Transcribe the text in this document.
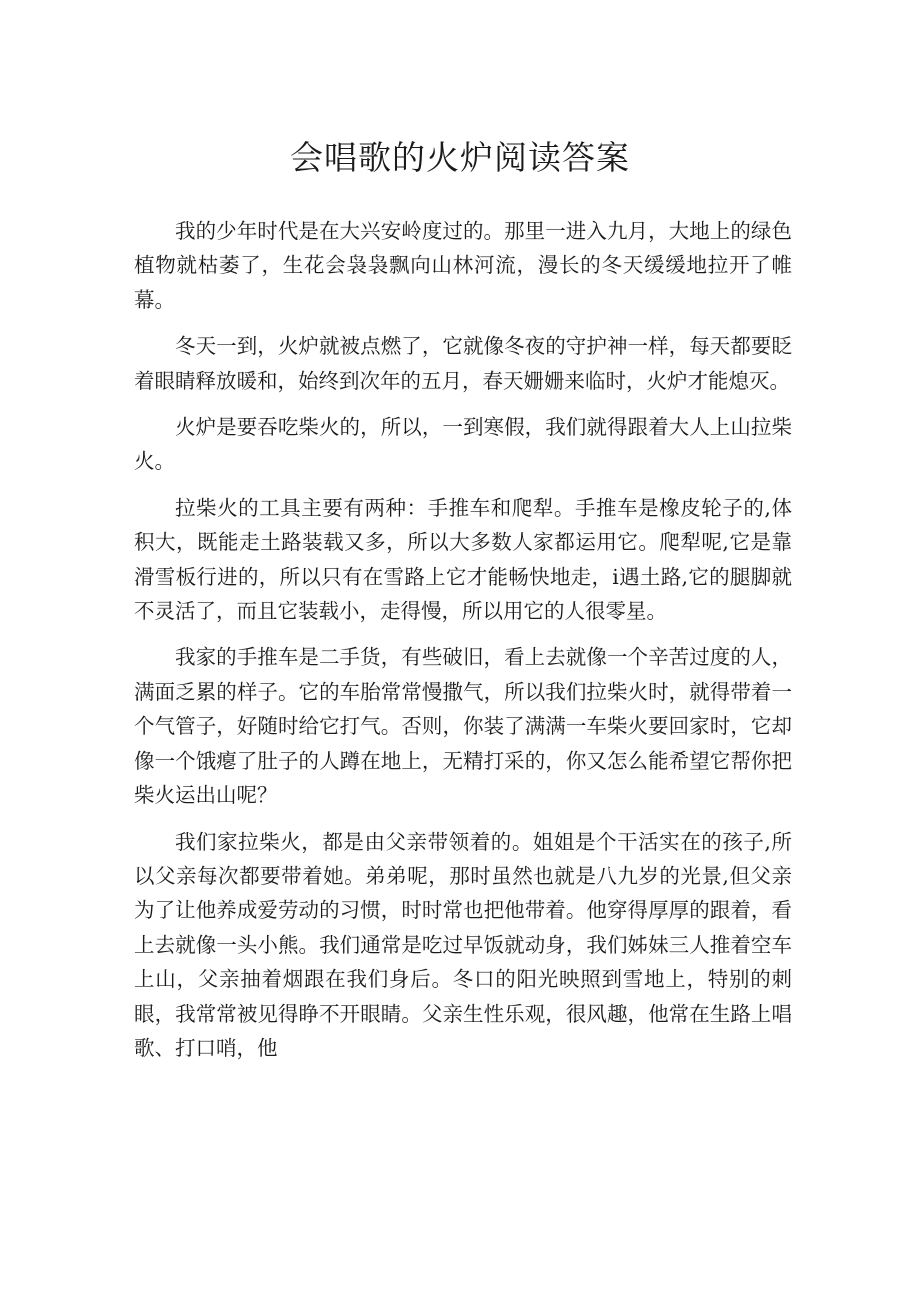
会唱歌的火炉阅读答案

我的少年时代是在大兴安岭度过的。那里一进入九月，大地上的绿色植物就枯萎了，生花会袅袅飘向山林河流，漫长的冬天缓缓地拉开了帷幕。

冬天一到，火炉就被点燃了，它就像冬夜的守护神一样，每天都要眨着眼睛释放暖和，始终到次年的五月，春天姗姗来临时，火炉才能熄灭。

火炉是要吞吃柴火的，所以，一到寒假，我们就得跟着大人上山拉柴火。

拉柴火的工具主要有两种：手推车和爬犁。手推车是橡皮轮子的,体积大，既能走土路装载又多，所以大多数人家都运用它。爬犁呢,它是靠滑雪板行进的，所以只有在雪路上它才能畅快地走，i遇土路,它的腿脚就不灵活了，而且它装载小，走得慢，所以用它的人很零星。

我家的手推车是二手货，有些破旧，看上去就像一个辛苦过度的人，满面乏累的样子。它的车胎常常慢撒气，所以我们拉柴火时，就得带着一个气管子，好随时给它打气。否则，你装了满满一车柴火要回家时，它却像一个饿瘪了肚子的人蹲在地上，无精打采的，你又怎么能希望它帮你把柴火运出山呢？

我们家拉柴火，都是由父亲带领着的。姐姐是个干活实在的孩子,所以父亲每次都要带着她。弟弟呢，那时虽然也就是八九岁的光景,但父亲为了让他养成爱劳动的习惯，时时常也把他带着。他穿得厚厚的跟着，看上去就像一头小熊。我们通常是吃过早饭就动身，我们姊妹三人推着空车上山，父亲抽着烟跟在我们身后。冬口的阳光映照到雪地上，特别的刺眼，我常常被见得睁不开眼睛。父亲生性乐观，很风趣，他常在生路上唱歌、打口哨，他
